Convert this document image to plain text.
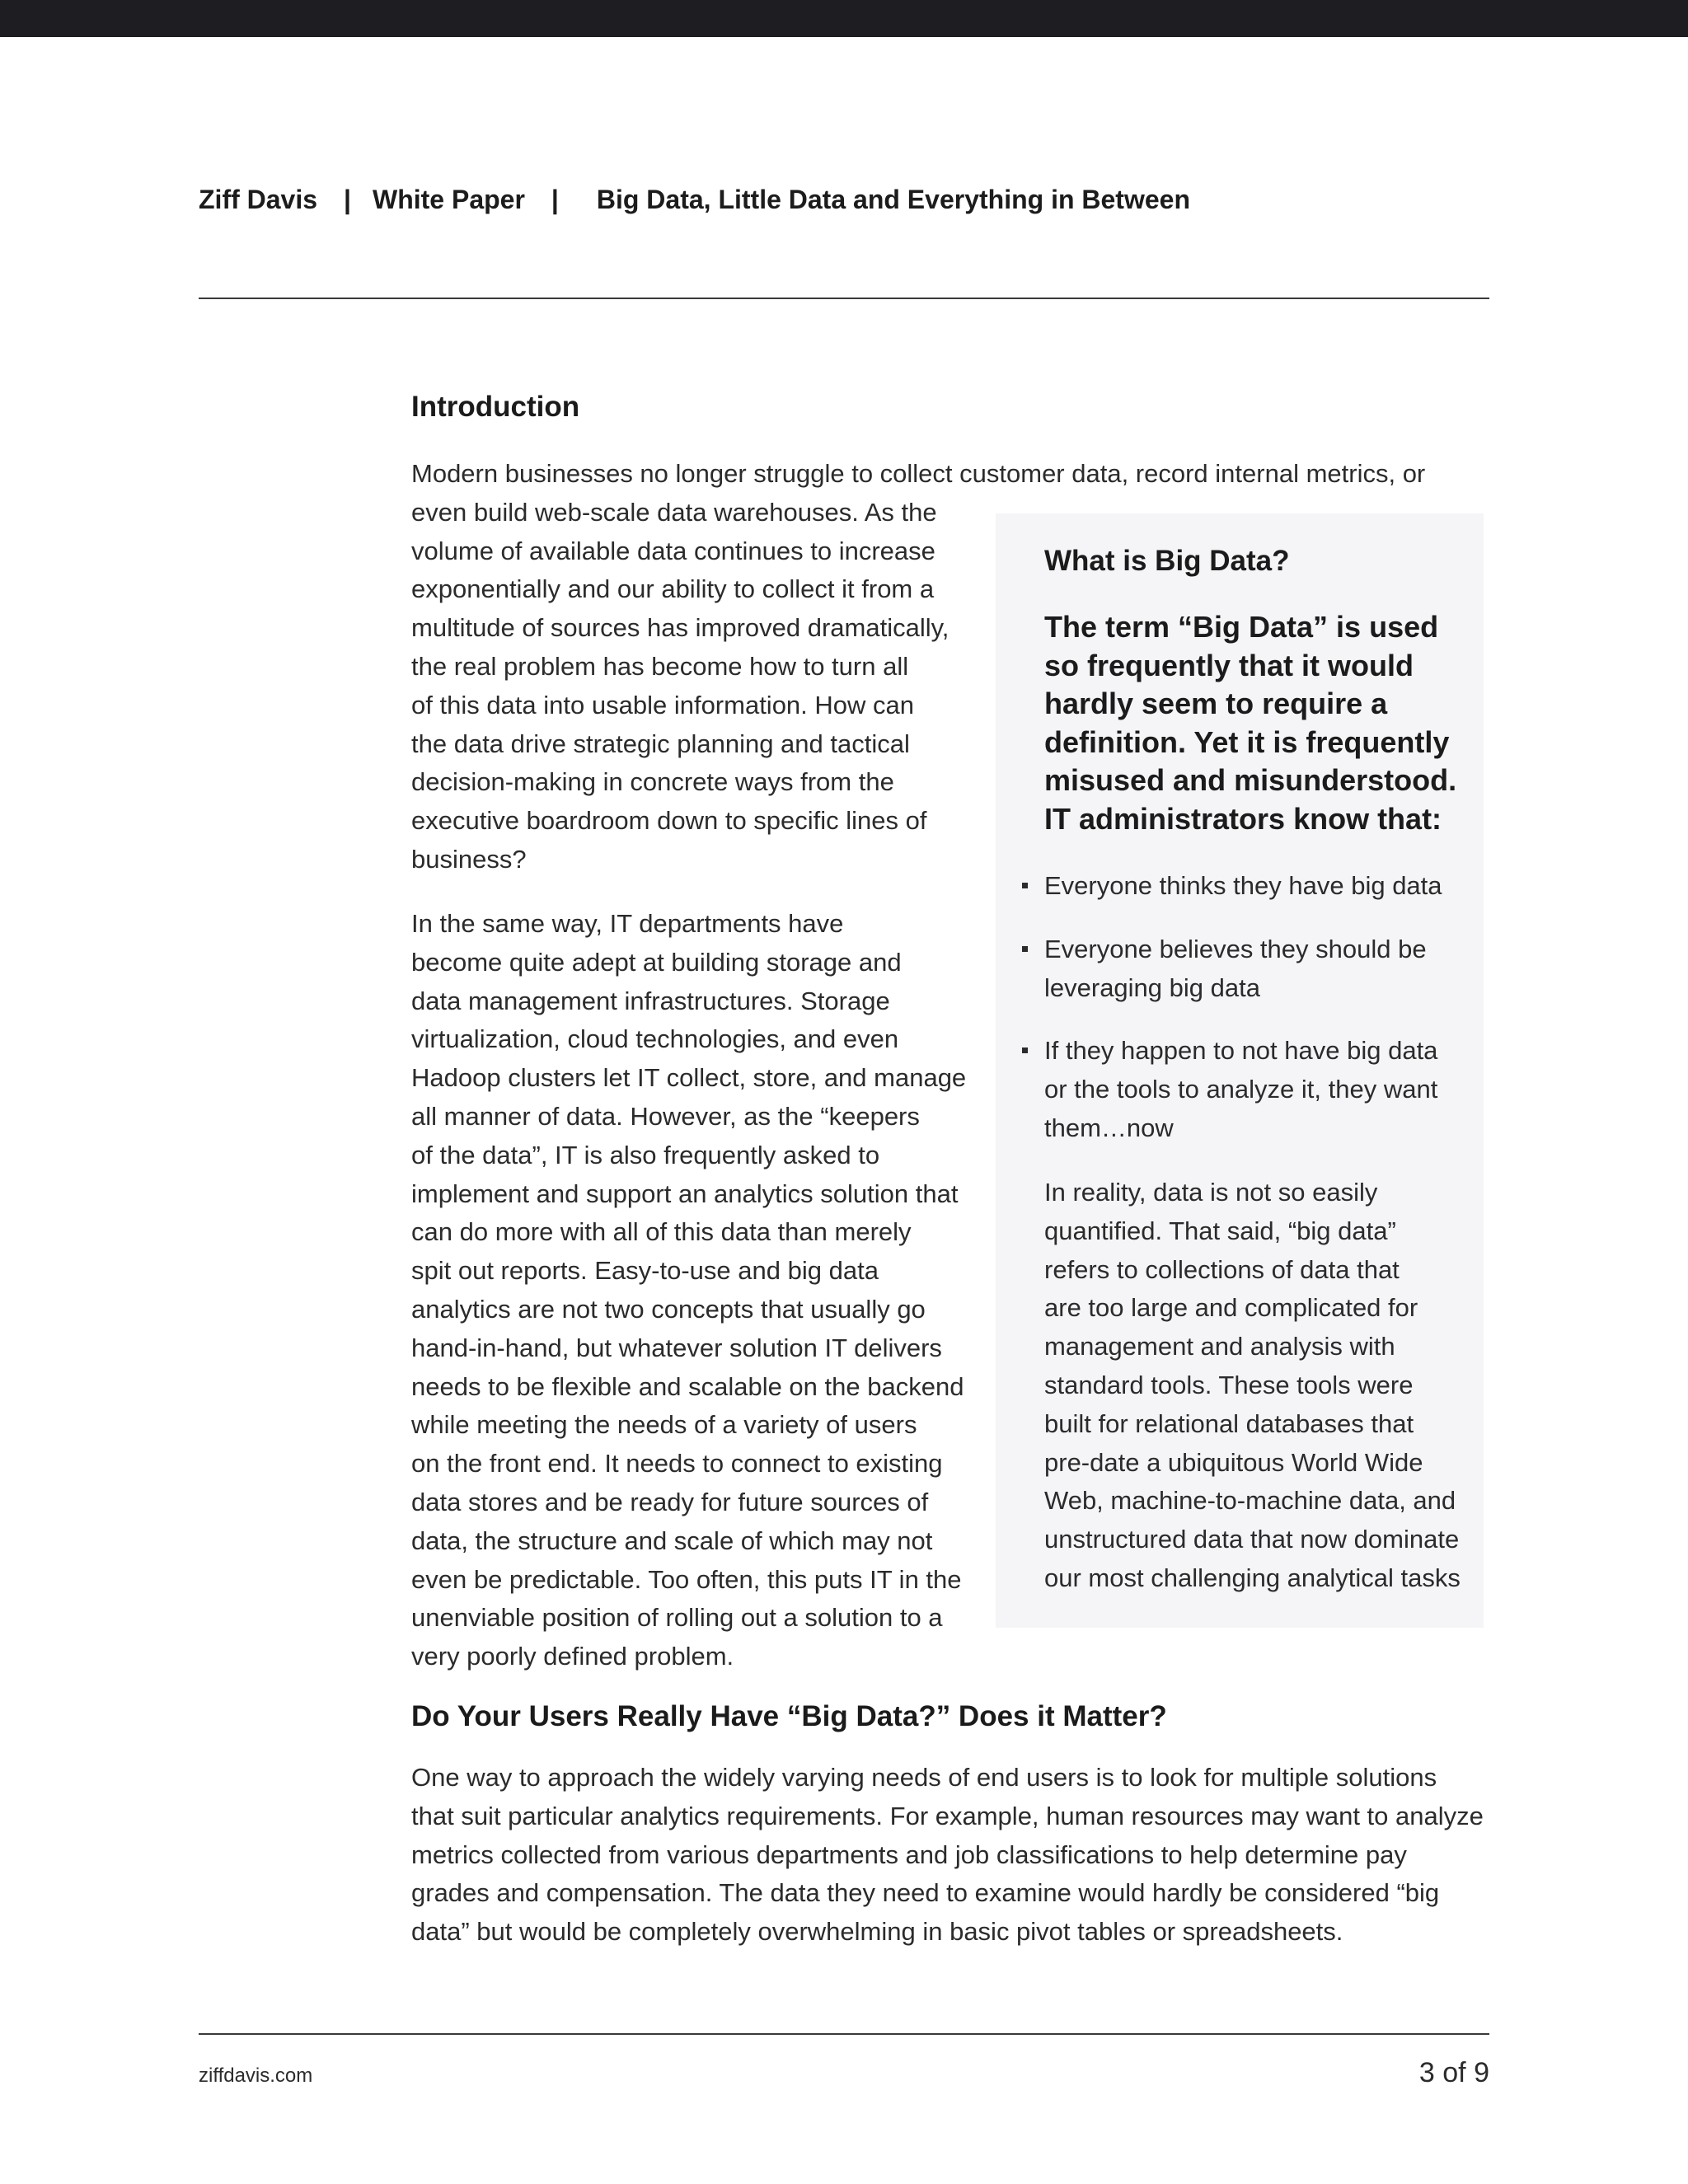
Ziff Davis | White Paper | Big Data, Little Data and Everything in Between
Introduction
Modern businesses no longer struggle to collect customer data, record internal metrics, or
even build web-scale data warehouses. As the
volume of available data continues to increase
exponentially and our ability to collect it from a
multitude of sources has improved dramatically,
the real problem has become how to turn all
of this data into usable information. How can
the data drive strategic planning and tactical
decision-making in concrete ways from the
executive boardroom down to specific lines of
business?
In the same way, IT departments have
become quite adept at building storage and
data management infrastructures. Storage
virtualization, cloud technologies, and even
Hadoop clusters let IT collect, store, and manage
all manner of data. However, as the “keepers
of the data”, IT is also frequently asked to
implement and support an analytics solution that
can do more with all of this data than merely
spit out reports. Easy-to-use and big data
analytics are not two concepts that usually go
hand-in-hand, but whatever solution IT delivers
needs to be flexible and scalable on the backend
while meeting the needs of a variety of users
on the front end. It needs to connect to existing
data stores and be ready for future sources of
data, the structure and scale of which may not
even be predictable. Too often, this puts IT in the
unenviable position of rolling out a solution to a
very poorly defined problem.
What is Big Data?
The term “Big Data” is used
so frequently that it would
hardly seem to require a
definition. Yet it is frequently
misused and misunderstood.
IT administrators know that:
Everyone thinks they have big data
Everyone believes they should be
leveraging big data
If they happen to not have big data
or the tools to analyze it, they want
them…now
In reality, data is not so easily
quantified. That said, “big data”
refers to collections of data that
are too large and complicated for
management and analysis with
standard tools. These tools were
built for relational databases that
pre-date a ubiquitous World Wide
Web, machine-to-machine data, and
unstructured data that now dominate
our most challenging analytical tasks
Do Your Users Really Have “Big Data?” Does it Matter?
One way to approach the widely varying needs of end users is to look for multiple solutions
that suit particular analytics requirements. For example, human resources may want to analyze
metrics collected from various departments and job classifications to help determine pay
grades and compensation. The data they need to examine would hardly be considered “big
data” but would be completely overwhelming in basic pivot tables or spreadsheets.
ziffdavis.com	3 of 9
